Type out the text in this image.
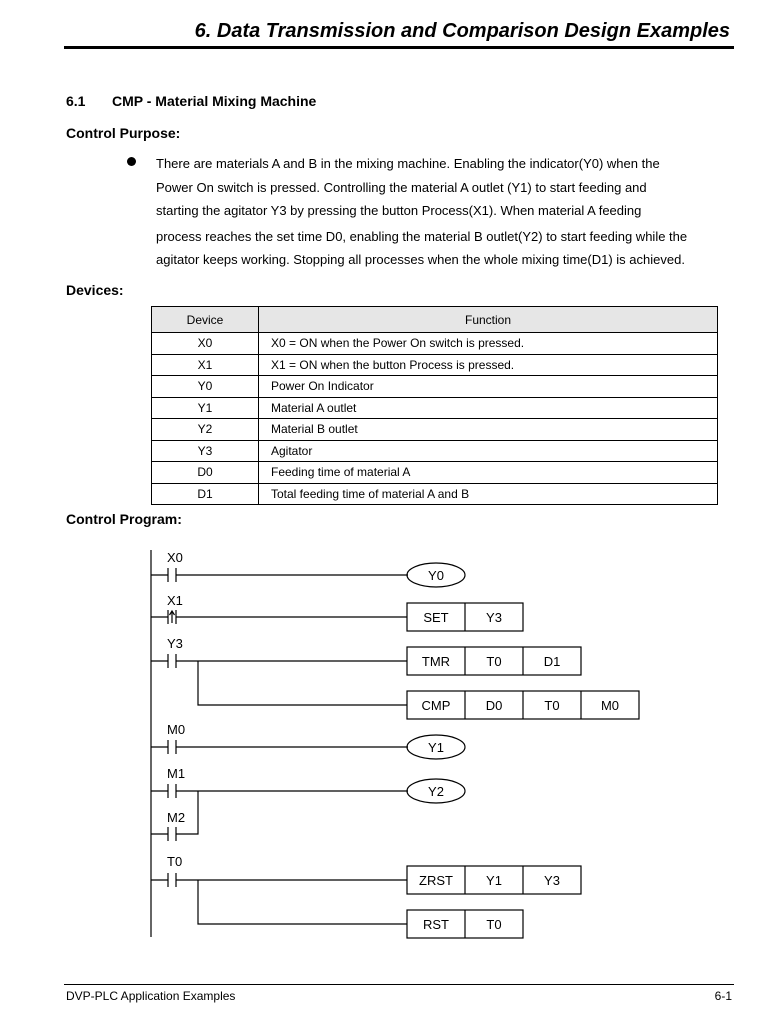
6. Data Transmission and Comparison Design Examples
6.1 CMP - Material Mixing Machine
Control Purpose:
There are materials A and B in the mixing machine. Enabling the indicator(Y0) when the
Power On switch is pressed. Controlling the material A outlet (Y1) to start feeding and
starting the agitator Y3 by pressing the button Process(X1). When material A feeding
process reaches the set time D0, enabling the material B outlet(Y2) to start feeding while the
agitator keeps working. Stopping all processes when the whole mixing time(D1) is achieved.
Devices:
Device	Function
X0	X0 = ON when the Power On switch is pressed.
X1	X1 = ON when the button Process is pressed.
Y0	Power On Indicator
Y1	Material A outlet
Y2	Material B outlet
Y3	Agitator
D0	Feeding time of material A
D1	Total feeding time of material A and B
Control Program:
X0
X1
Y3
M0
M1
M2
T0
Y0
Y1
Y2
SET	Y3
TMR	T0	D1
CMP	D0	T0	M0
ZRST	Y1	Y3
RST	T0
DVP-PLC Application Examples	6-1
